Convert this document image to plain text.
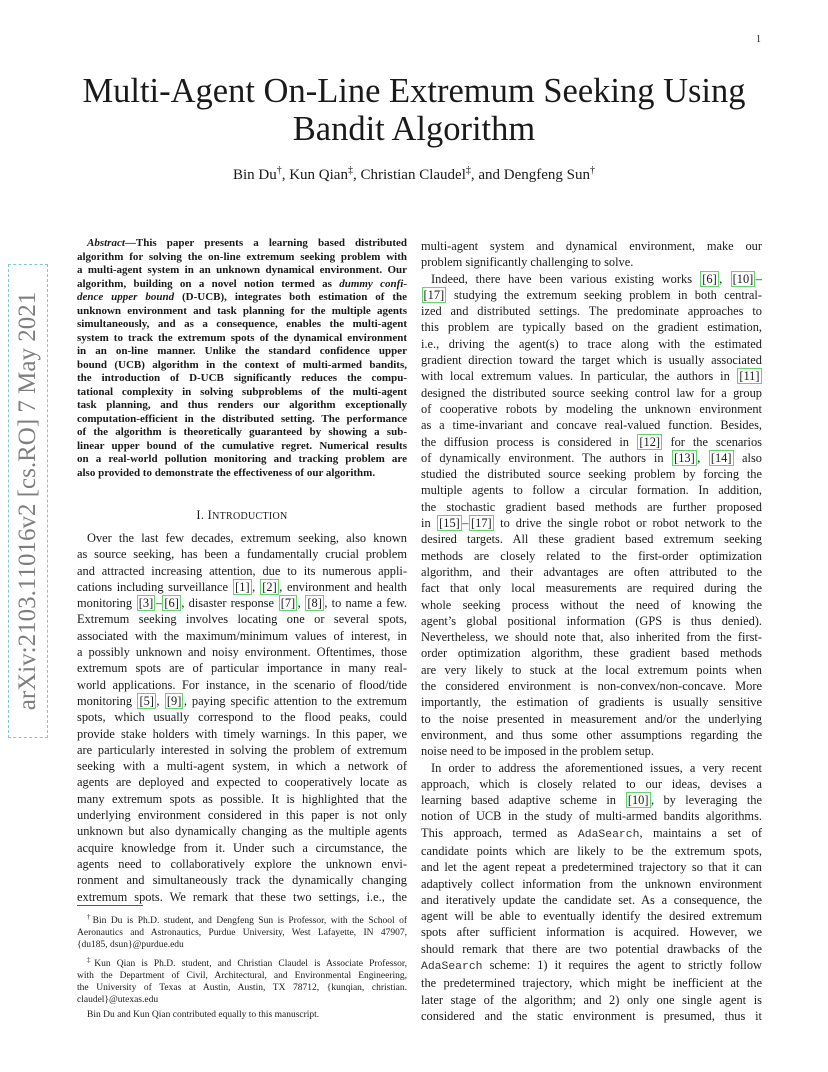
1
arXiv:2103.11016v2 [cs.RO] 7 May 2021
Multi-Agent On-Line Extremum Seeking Using
Bandit Algorithm
Bin Du†, Kun Qian‡, Christian Claudel‡, and Dengfeng Sun†
Abstract—This paper presents a learning based distributed
algorithm for solving the on-line extremum seeking problem with
a multi-agent system in an unknown dynamical environment. Our
algorithm, building on a novel notion termed as dummy confi-
dence upper bound (D-UCB), integrates both estimation of the
unknown environment and task planning for the multiple agents
simultaneously, and as a consequence, enables the multi-agent
system to track the extremum spots of the dynamical environment
in an on-line manner. Unlike the standard confidence upper
bound (UCB) algorithm in the context of multi-armed bandits,
the introduction of D-UCB significantly reduces the compu-
tational complexity in solving subproblems of the multi-agent
task planning, and thus renders our algorithm exceptionally
computation-efficient in the distributed setting. The performance
of the algorithm is theoretically guaranteed by showing a sub-
linear upper bound of the cumulative regret. Numerical results
on a real-world pollution monitoring and tracking problem are
also provided to demonstrate the effectiveness of our algorithm.
I. INTRODUCTION
Over the last few decades, extremum seeking, also known
as source seeking, has been a fundamentally crucial problem
and attracted increasing attention, due to its numerous appli-
cations including surveillance [1] , [2] , environment and health
monitoring [3] – [6] , disaster response [7] , [8] , to name a few.
Extremum seeking involves locating one or several spots,
associated with the maximum/minimum values of interest, in
a possibly unknown and noisy environment. Oftentimes, those
extremum spots are of particular importance in many real-
world applications. For instance, in the scenario of flood/tide
monitoring [5] , [9] , paying specific attention to the extremum
spots, which usually correspond to the flood peaks, could
provide stake holders with timely warnings. In this paper, we
are particularly interested in solving the problem of extremum
seeking with a multi-agent system, in which a network of
agents are deployed and expected to cooperatively locate as
many extremum spots as possible. It is highlighted that the
underlying environment considered in this paper is not only
unknown but also dynamically changing as the multiple agents
acquire knowledge from it. Under such a circumstance, the
agents need to collaboratively explore the unknown envi-
ronment and simultaneously track the dynamically changing
extremum spots. We remark that these two settings, i.e., the
†Bin Du is Ph.D. student, and Dengfeng Sun is Professor, with the School of
Aeronautics and Astronautics, Purdue University, West Lafayette, IN 47907,
{du185, dsun}@purdue.edu
‡Kun Qian is Ph.D. student, and Christian Claudel is Associate Professor,
with the Department of Civil, Architectural, and Environmental Engineering,
the University of Texas at Austin, Austin, TX 78712, {kunqian, christian.
claudel}@utexas.edu
Bin Du and Kun Qian contributed equally to this manuscript.
multi-agent system and dynamical environment, make our
problem significantly challenging to solve.
Indeed, there have been various existing works [6] , [10] –
[17] studying the extremum seeking problem in both central-
ized and distributed settings. The predominate approaches to
this problem are typically based on the gradient estimation,
i.e., driving the agent(s) to trace along with the estimated
gradient direction toward the target which is usually associated
with local extremum values. In particular, the authors in [11]
designed the distributed source seeking control law for a group
of cooperative robots by modeling the unknown environment
as a time-invariant and concave real-valued function. Besides,
the diffusion process is considered in [12] for the scenarios
of dynamically environment. The authors in [13] , [14] also
studied the distributed source seeking problem by forcing the
multiple agents to follow a circular formation. In addition,
the stochastic gradient based methods are further proposed
in [15] – [17] to drive the single robot or robot network to the
desired targets. All these gradient based extremum seeking
methods are closely related to the first-order optimization
algorithm, and their advantages are often attributed to the
fact that only local measurements are required during the
whole seeking process without the need of knowing the
agent’s global positional information (GPS is thus denied).
Nevertheless, we should note that, also inherited from the first-
order optimization algorithm, these gradient based methods
are very likely to stuck at the local extremum points when
the considered environment is non-convex/non-concave. More
importantly, the estimation of gradients is usually sensitive
to the noise presented in measurement and/or the underlying
environment, and thus some other assumptions regarding the
noise need to be imposed in the problem setup.
In order to address the aforementioned issues, a very recent
approach, which is closely related to our ideas, devises a
learning based adaptive scheme in [10] , by leveraging the
notion of UCB in the study of multi-armed bandits algorithms.
This approach, termed as AdaSearch, maintains a set of
candidate points which are likely to be the extremum spots,
and let the agent repeat a predetermined trajectory so that it can
adaptively collect information from the unknown environment
and iteratively update the candidate set. As a consequence, the
agent will be able to eventually identify the desired extremum
spots after sufficient information is acquired. However, we
should remark that there are two potential drawbacks of the
AdaSearch scheme: 1) it requires the agent to strictly follow
the predetermined trajectory, which might be inefficient at the
later stage of the algorithm; and 2) only one single agent is
considered and the static environment is presumed, thus it
